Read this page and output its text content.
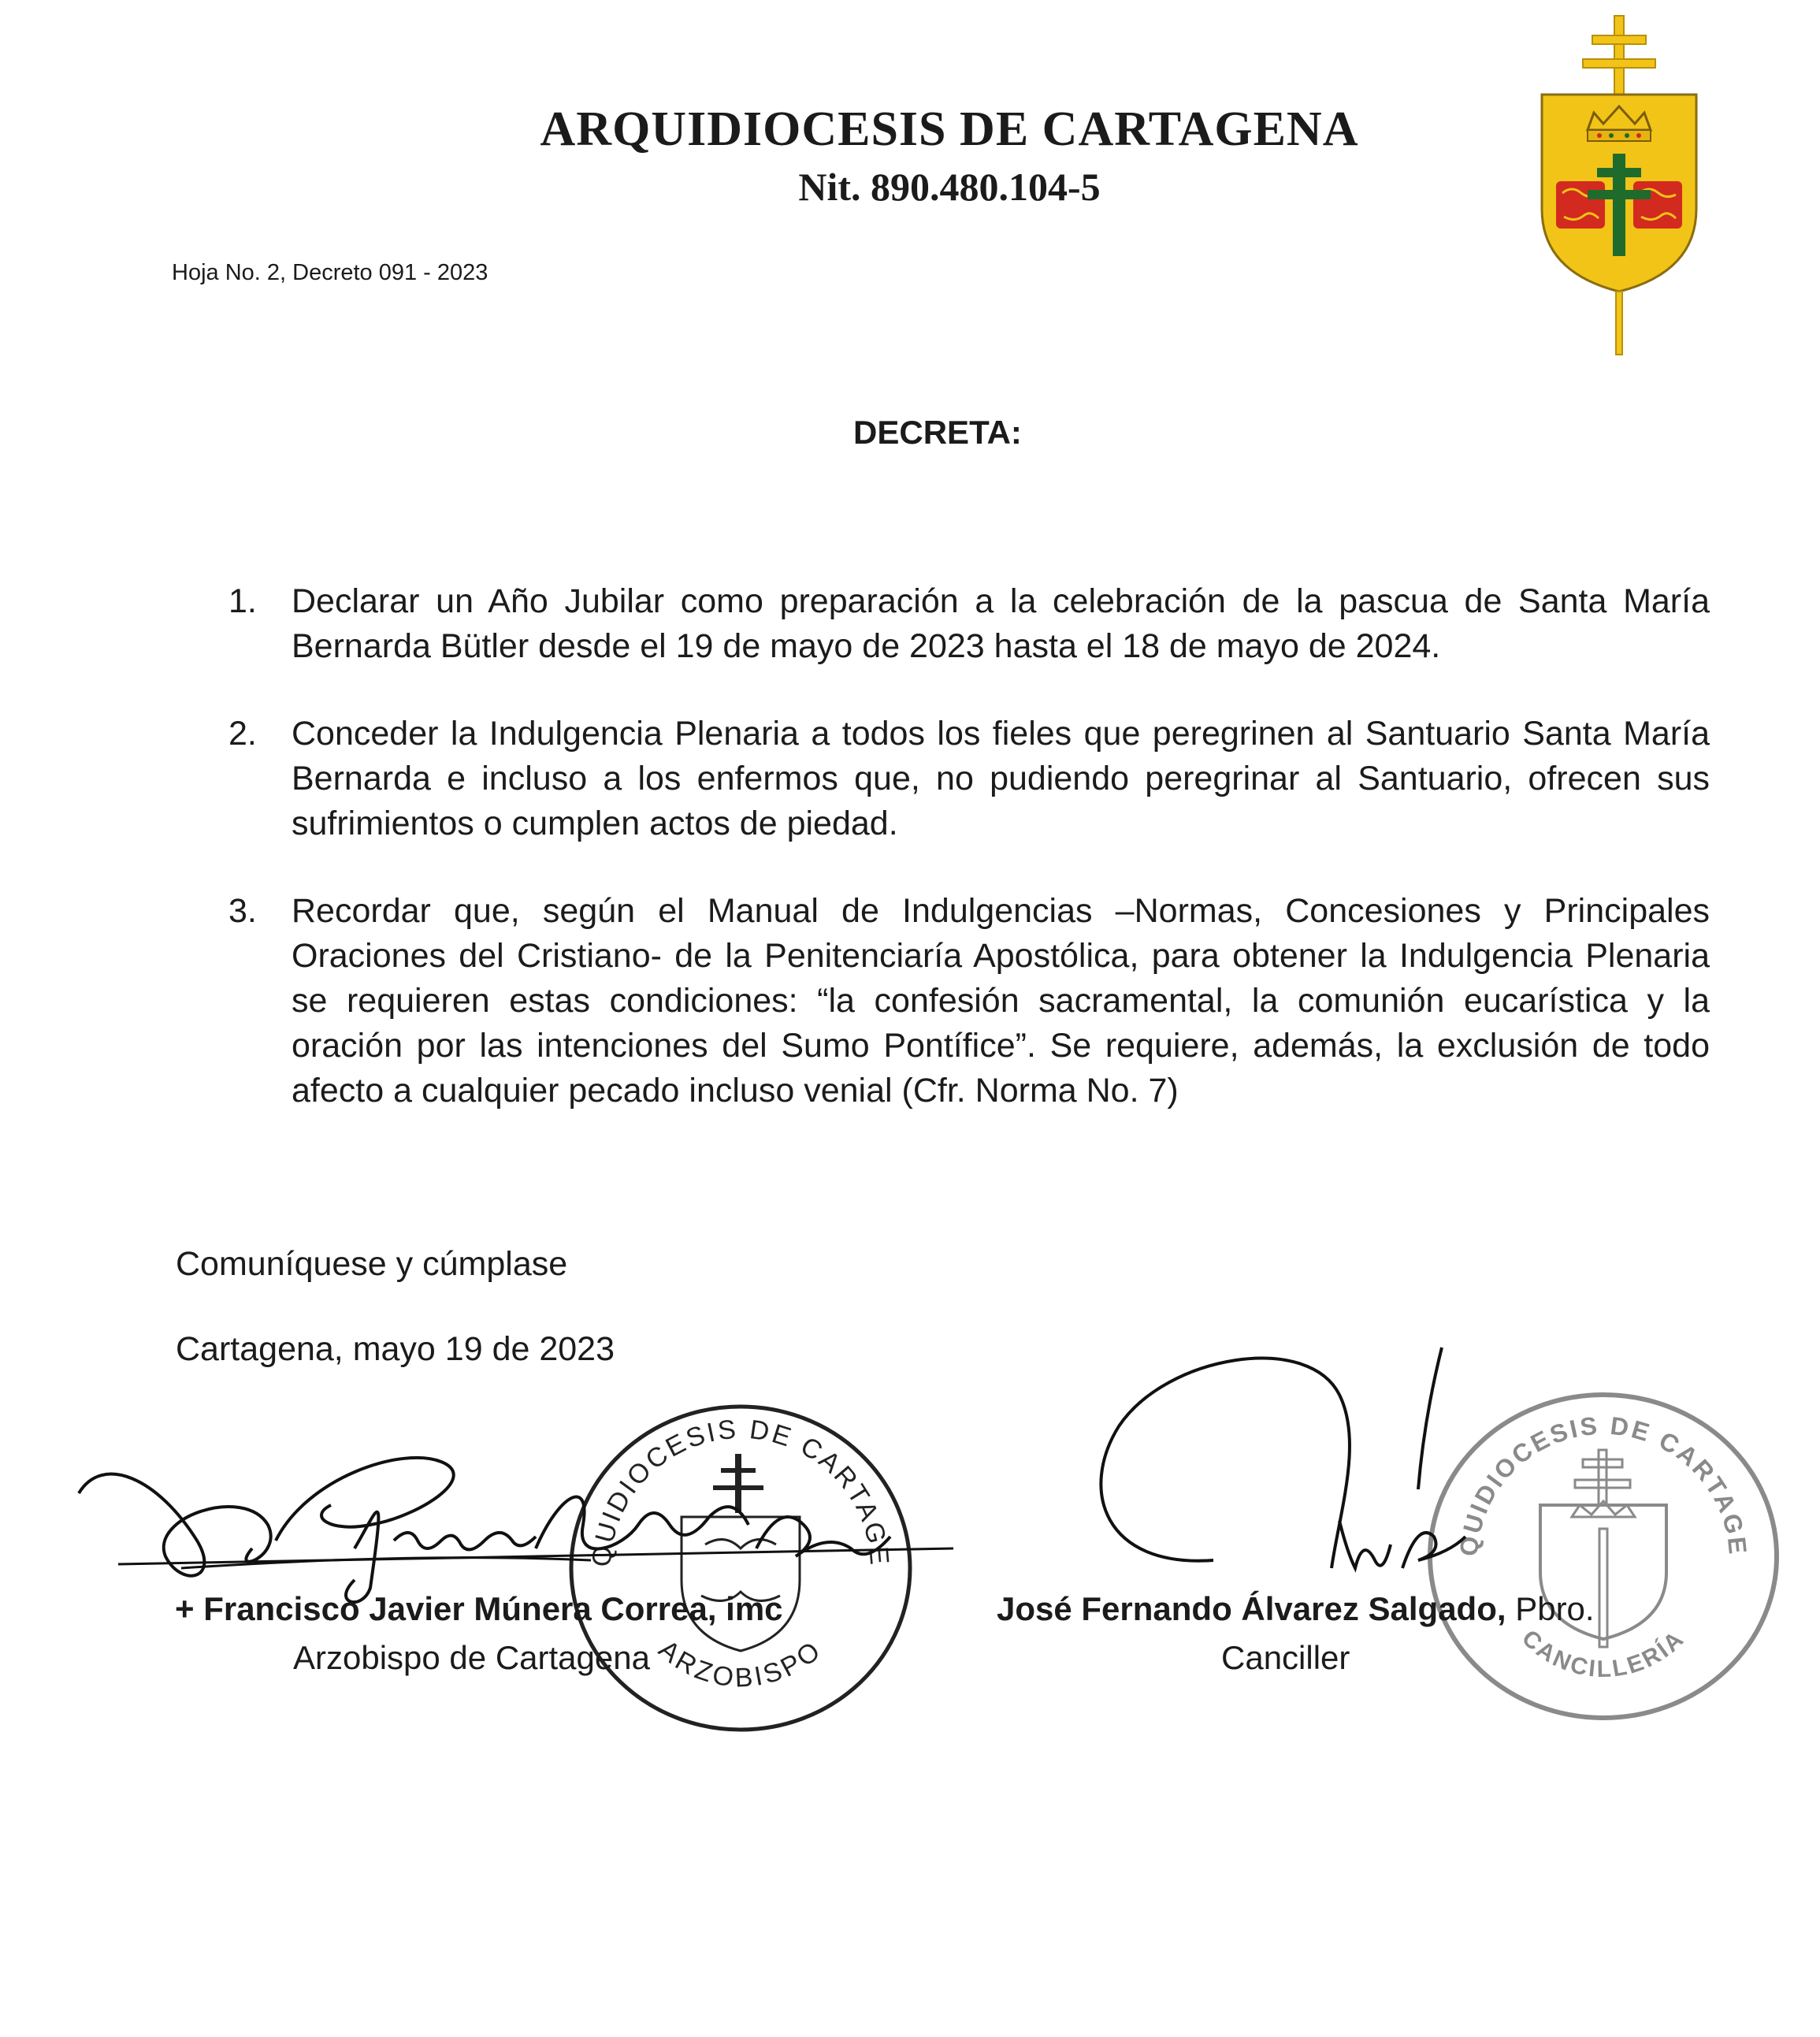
ARQUIDIOCESIS DE CARTAGENA
Nit. 890.480.104-5
Hoja No. 2, Decreto 091 - 2023
DECRETA:
1.	Declarar un Año Jubilar como preparación a la celebración de la pascua de Santa María Bernarda Bütler desde el 19 de mayo de 2023 hasta el 18 de mayo de 2024.
2.	Conceder la Indulgencia Plenaria a todos los fieles que peregrinen al Santuario Santa María Bernarda e incluso a los enfermos que, no pudiendo peregrinar al Santuario, ofrecen sus sufrimientos o cumplen actos de piedad.
3.	Recordar que, según el Manual de Indulgencias –Normas, Concesiones y Principales Oraciones del Cristiano- de la Penitenciaría Apostólica, para obtener la Indulgencia Plenaria se requieren estas condiciones: “la confesión sacramental, la comunión eucarística y la oración por las intenciones del Sumo Pontífice”. Se requiere, además, la exclusión de todo afecto a cualquier pecado incluso venial (Cfr. Norma No. 7)
Comuníquese y cúmplase
Cartagena, mayo 19 de 2023
QUIDIOCESIS DE CARTAGE
ARZOBISPO
+ Francisco Javier Múnera Correa, imc
Arzobispo de Cartagena
QUIDIOCESIS DE CARTAGE
CANCILLERÍA
José Fernando Álvarez Salgado, Pbro.
Canciller
